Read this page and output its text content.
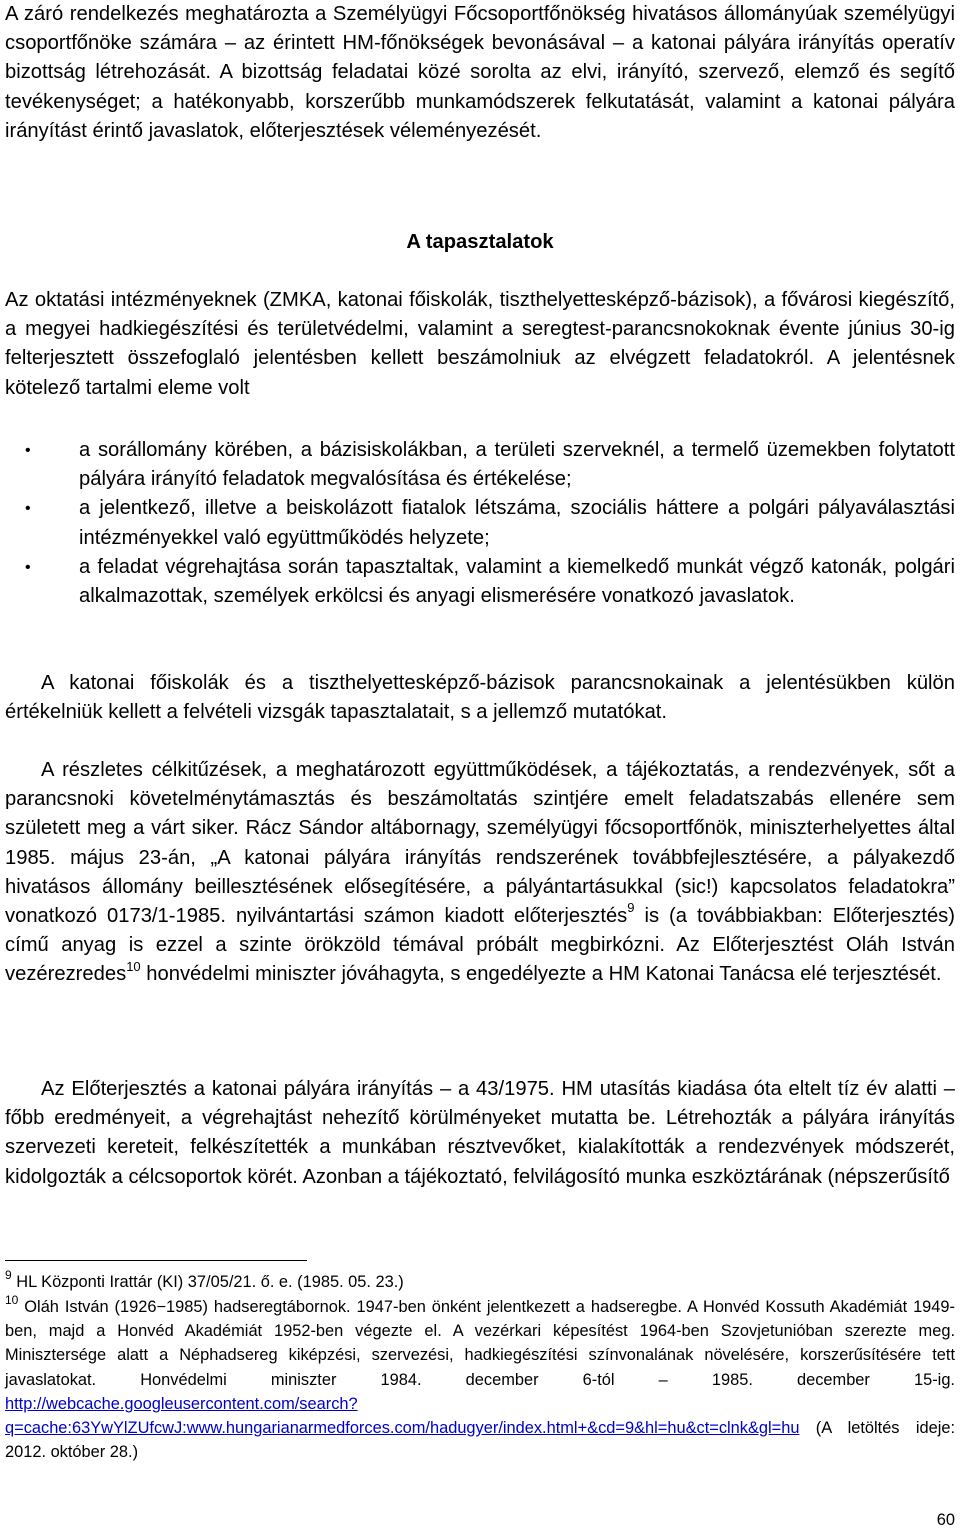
A záró rendelkezés meghatározta a Személyügyi Főcsoportfőnökség hivatásos állományúak személyügyi csoportfőnöke számára – az érintett HM-főnökségek bevonásával – a katonai pályára irányítás operatív bizottság létrehozását. A bizottság feladatai közé sorolta az elvi, irányító, szervező, elemző és segítő tevékenységet; a hatékonyabb, korszerűbb munkamódszerek felkutatását, valamint a katonai pályára irányítást érintő javaslatok, előterjesztések véleményezését.

A tapasztalatok

Az oktatási intézményeknek (ZMKA, katonai főiskolák, tiszthelyettesképző-bázisok), a fővárosi kiegészítő, a megyei hadkiegészítési és területvédelmi, valamint a seregtest-parancsnokoknak évente június 30-ig felterjesztett összefoglaló jelentésben kellett beszámolniuk az elvégzett feladatokról. A jelentésnek kötelező tartalmi eleme volt

• a sorállomány körében, a bázisiskolákban, a területi szerveknél, a termelő üzemekben folytatott pályára irányító feladatok megvalósítása és értékelése;
• a jelentkező, illetve a beiskolázott fiatalok létszáma, szociális háttere a polgári pályaválasztási intézményekkel való együttműködés helyzete;
• a feladat végrehajtása során tapasztaltak, valamint a kiemelkedő munkát végző katonák, polgári alkalmazottak, személyek erkölcsi és anyagi elismerésére vonatkozó javaslatok.

A katonai főiskolák és a tiszthelyettesképző-bázisok parancsnokainak a jelentésükben külön értékelniük kellett a felvételi vizsgák tapasztalatait, s a jellemző mutatókat.

A részletes célkitűzések, a meghatározott együttműködések, a tájékoztatás, a rendezvények, sőt a parancsnoki követelménytámasztás és beszámoltatás szintjére emelt feladatszabás ellenére sem született meg a várt siker. Rácz Sándor altábornagy, személyügyi főcsoportfőnök, miniszterhelyettes által 1985. május 23-án, „A katonai pályára irányítás rendszerének továbbfejlesztésére, a pályakezdő hivatásos állomány beillesztésének elősegítésére, a pályántartásukkal (sic!) kapcsolatos feladatokra” vonatkozó 0173/1-1985. nyilvántartási számon kiadott előterjesztés$^9$ is (a továbbiakban: Előterjesztés) című anyag is ezzel a szinte örökzöld témával próbált megbirkózni. Az Előterjesztést Oláh István vezérezredes$^{10}$ honvédelmi miniszter jóváhagyta, s engedélyezte a HM Katonai Tanácsa elé terjesztését.

Az Előterjesztés a katonai pályára irányítás – a 43/1975. HM utasítás kiadása óta eltelt tíz év alatti – főbb eredményeit, a végrehajtást nehezítő körülményeket mutatta be. Létrehozták a pályára irányítás szervezeti kereteit, felkészítették a munkában résztvevőket, kialakították a rendezvények módszerét, kidolgozták a célcsoportok körét. Azonban a tájékoztató, felvilágosító munka eszköztárának (népszerűsítő

$^9$ HL Központi Irattár (KI) 37/05/21. ő. e. (1985. 05. 23.)

$^{10}$ Oláh István (1926−1985) hadseregtábornok. 1947-ben önként jelentkezett a hadseregbe. A Honvéd Kossuth Akadémiát 1949-ben, majd a Honvéd Akadémiát 1952-ben végezte el. A vezérkari képesítést 1964-ben Szovjetunióban szerezte meg. Minisztersége alatt a Néphadsereg kiképzési, szervezési, hadkiegészítési színvonalának növelésére, korszerűsítésére tett javaslatokat. Honvédelmi miniszter 1984. december 6-tól – 1985. december 15-ig. http://webcache.googleusercontent.com/search?q=cache:63YwYlZUfcwJ:www.hungarianarmedforces.com/hadugyer/index.html+&cd=9&hl=hu&ct=clnk&gl=hu (A letöltés ideje: 2012. október 28.)

60
